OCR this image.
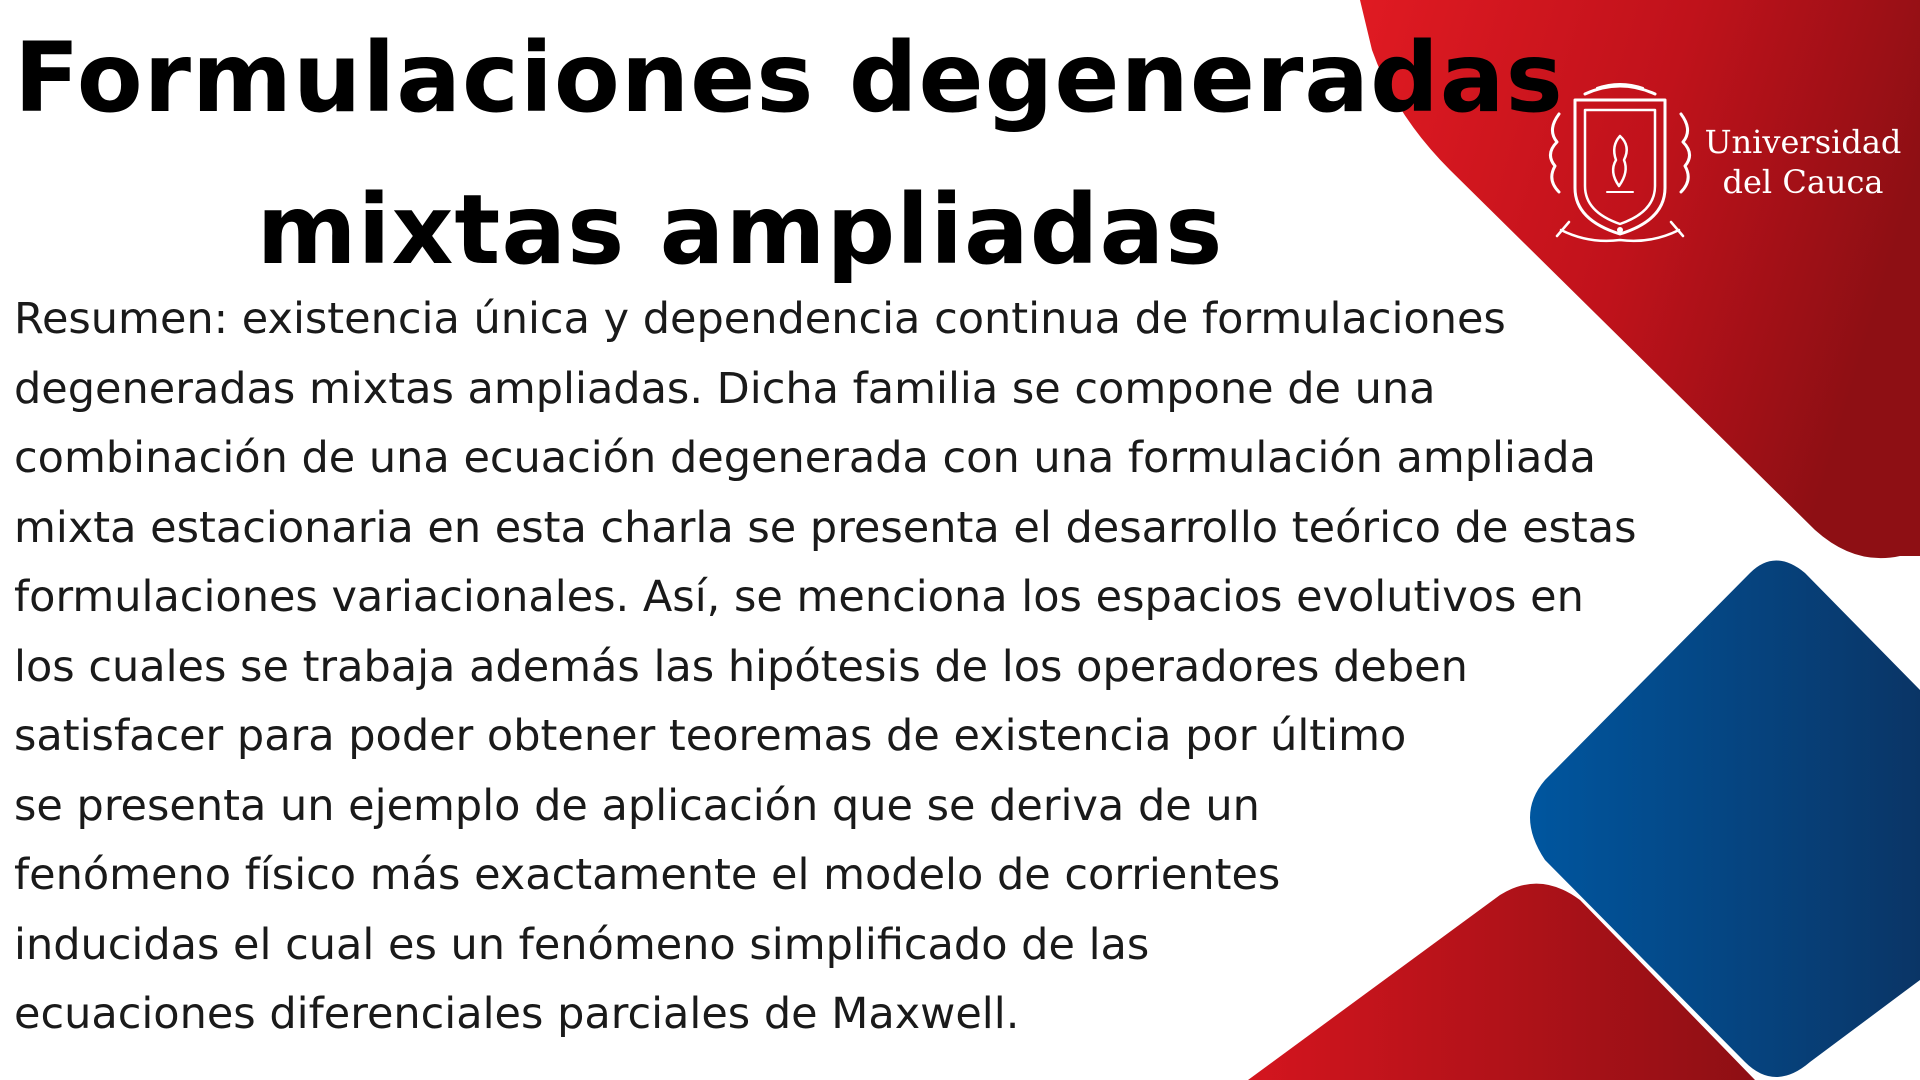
Formulaciones degeneradas
mixtas ampliadas
Resumen: existencia única y dependencia continua de formulaciones
degeneradas mixtas ampliadas. Dicha familia se compone de una
combinación de una ecuación degenerada con una formulación ampliada
mixta estacionaria en esta charla se presenta el desarrollo teórico de estas
formulaciones variacionales. Así, se menciona los espacios evolutivos en
los cuales se trabaja además las hipótesis de los operadores deben
satisfacer para poder obtener teoremas de existencia por último
se presenta un ejemplo de aplicación que se deriva de un
fenómeno físico más exactamente el modelo de corrientes
inducidas el cual es un fenómeno simplificado de las
ecuaciones diferenciales parciales de Maxwell.
Universidad
del Cauca
